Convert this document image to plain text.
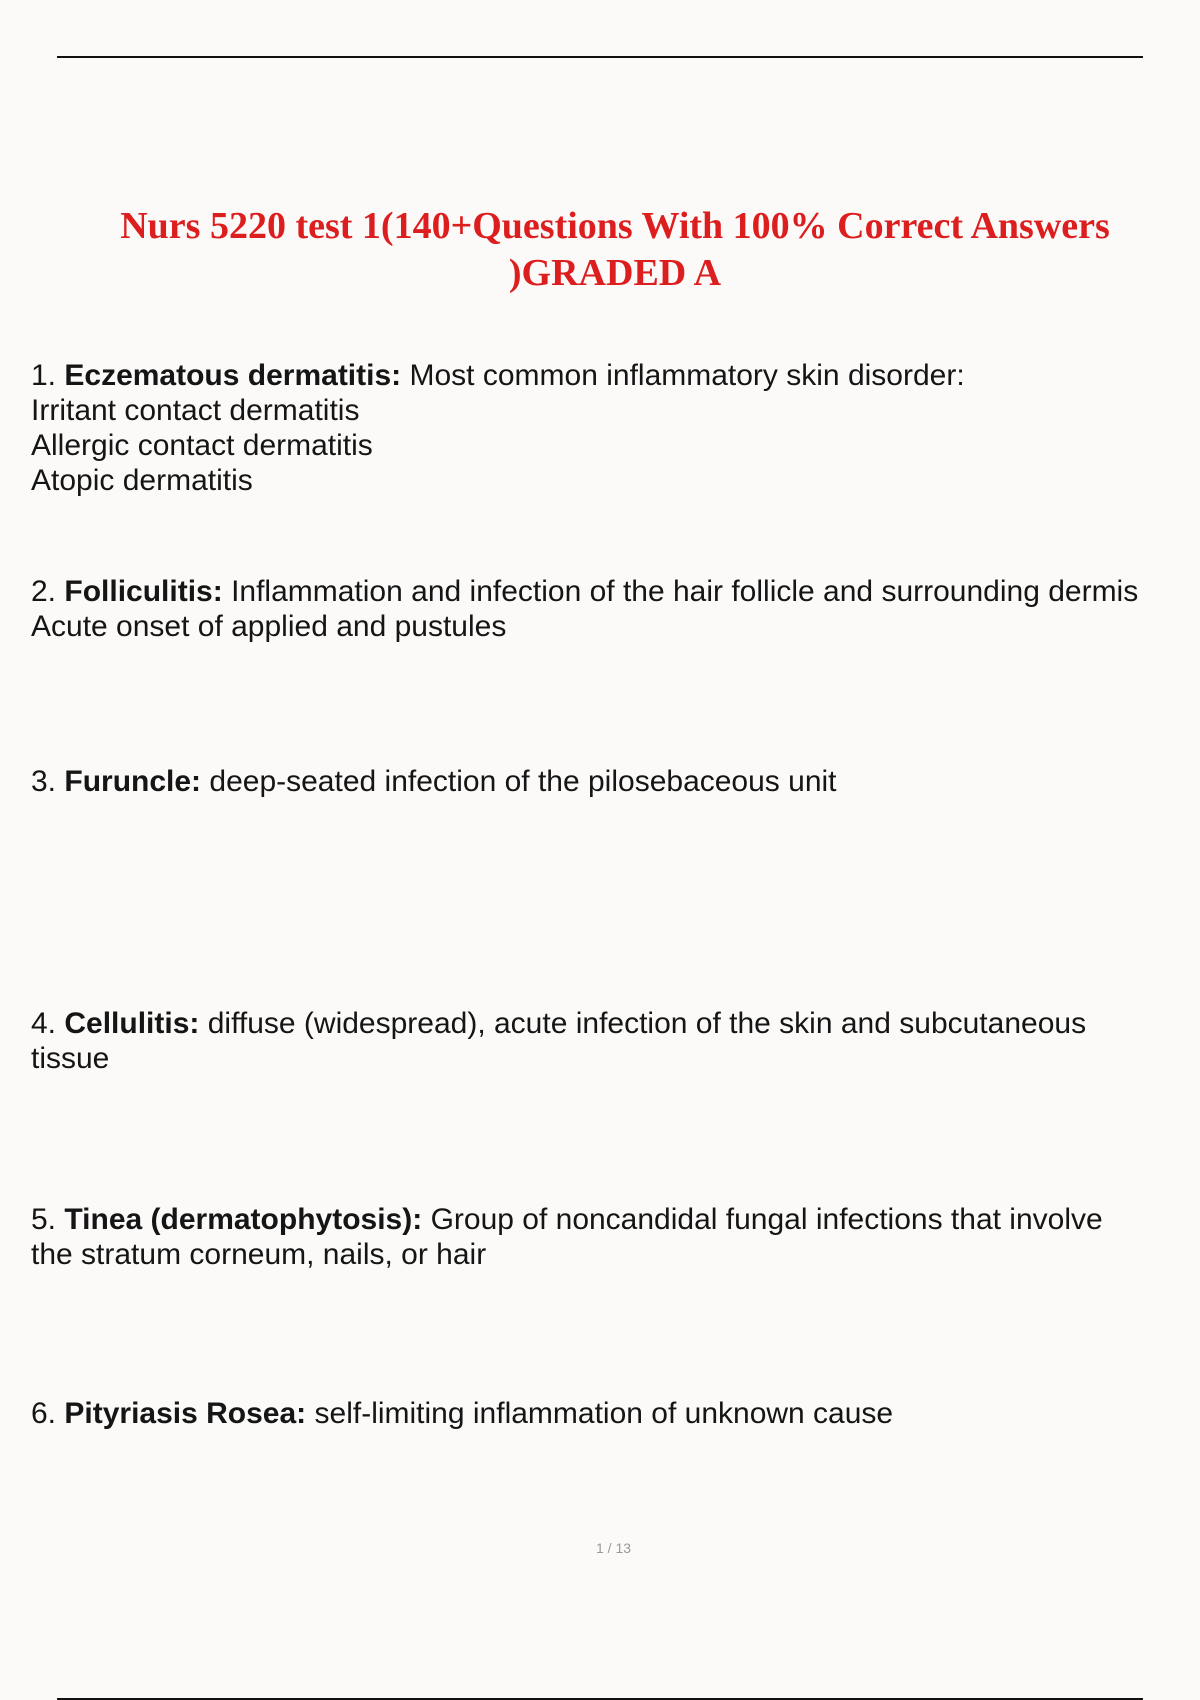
Nurs 5220 test 1(140+Questions With 100% Correct Answers
)GRADED A
1. Eczematous dermatitis: Most common inflammatory skin disorder:
Irritant contact dermatitis
Allergic contact dermatitis
Atopic dermatitis
2. Folliculitis: Inflammation and infection of the hair follicle and surrounding dermis
Acute onset of applied and pustules
3. Furuncle: deep-seated infection of the pilosebaceous unit
4. Cellulitis: diffuse (widespread), acute infection of the skin and subcutaneous
tissue
5. Tinea (dermatophytosis): Group of noncandidal fungal infections that involve
the stratum corneum, nails, or hair
6. Pityriasis Rosea: self-limiting inflammation of unknown cause
1 / 13
